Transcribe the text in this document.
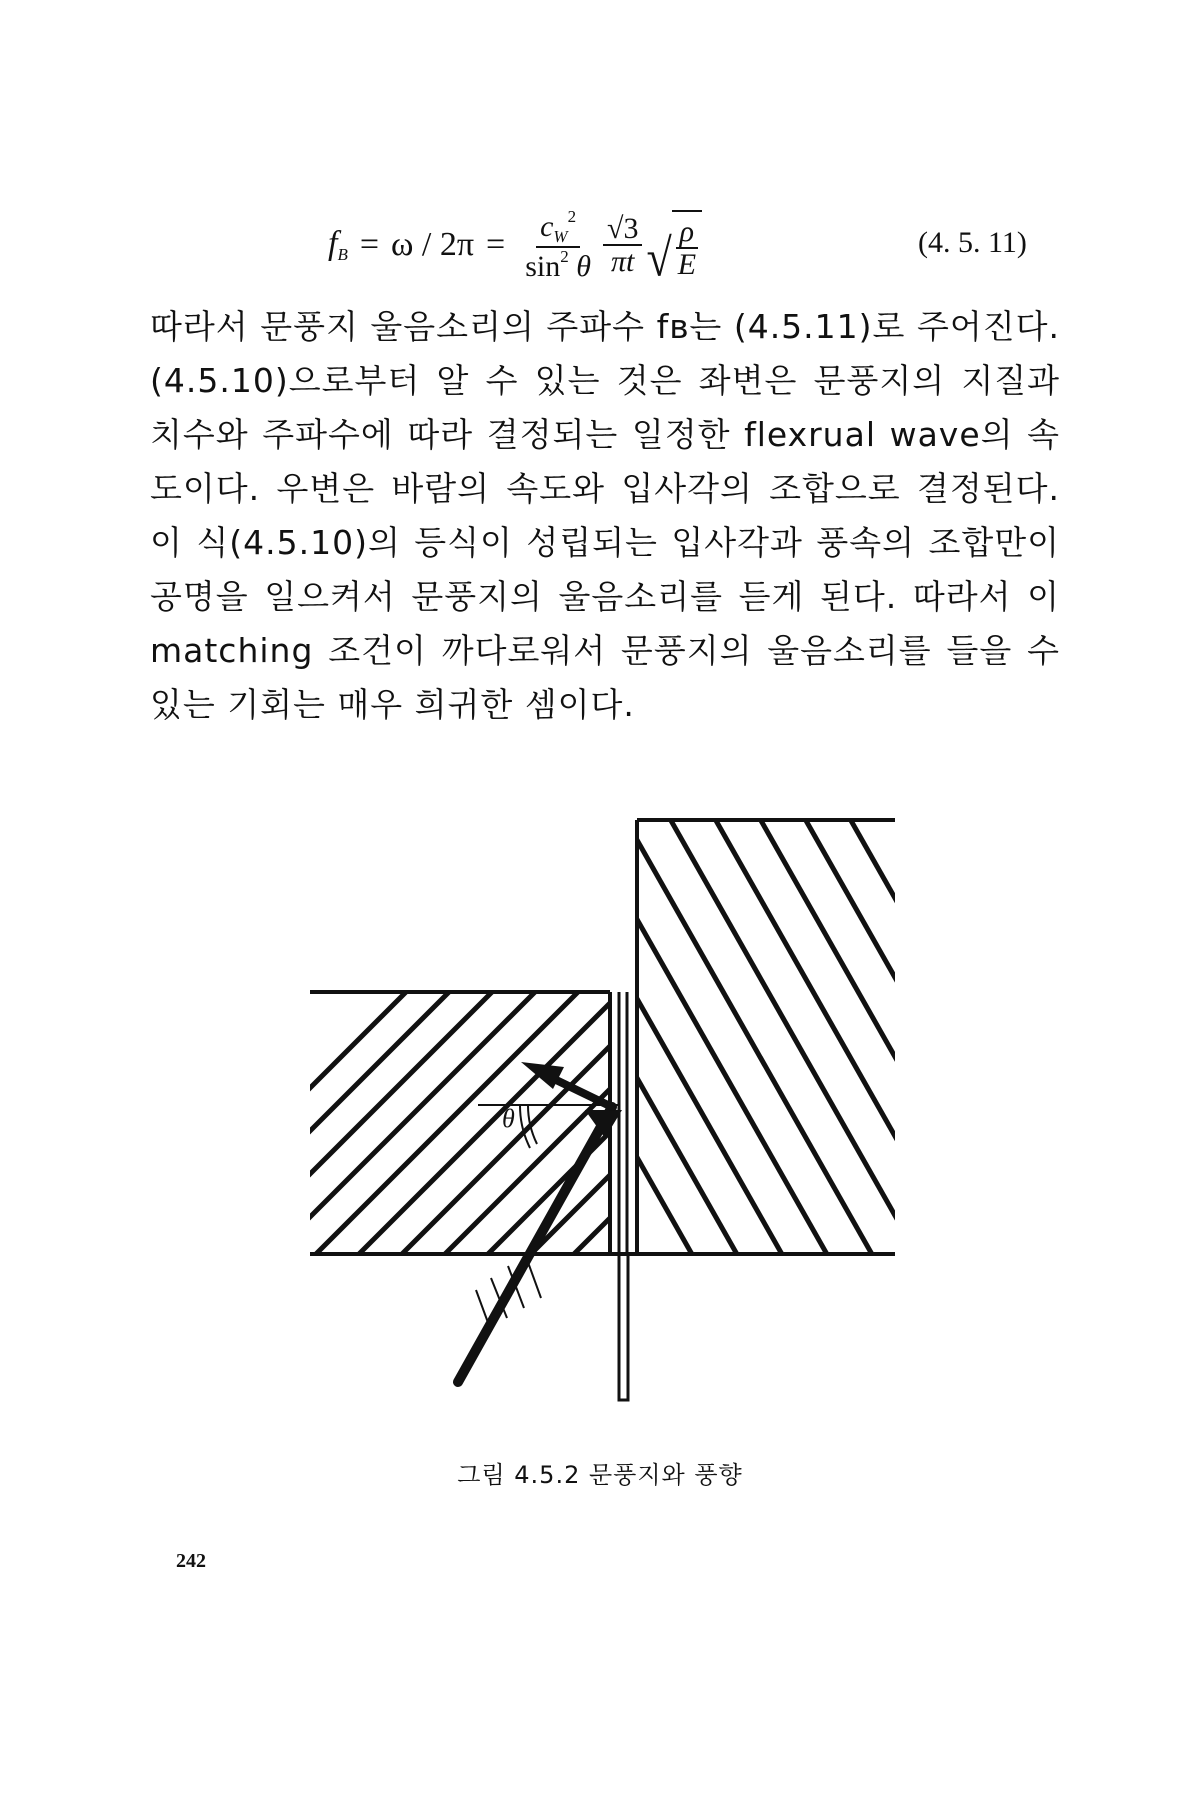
$f_B = \omega / 2\pi = \frac{c_W^2}{\sin^2 \theta} \frac{√3}{\pi t}$ √ $\frac{\rho}{E}$	(4. 5. 11)

따라서 문풍지 울음소리의 주파수 fʙ는 (4.5.11)로 주어진다. (4.5.10)으로부터 알 수 있는 것은 좌변은 문풍지의 지질과 치수와 주파수에 따라 결정되는 일정한 flexrual wave의 속도이다. 우변은 바람의 속도와 입사각의 조합으로 결정된다. 이 식(4.5.10)의 등식이 성립되는 입사각과 풍속의 조합만이 공명을 일으켜서 문풍지의 울음소리를 듣게 된다. 따라서 이 matching 조건이 까다로워서 문풍지의 울음소리를 들을 수 있는 기회는 매우 희귀한 셈이다.

θ
그림 4.5.2 문풍지와 풍향
242
